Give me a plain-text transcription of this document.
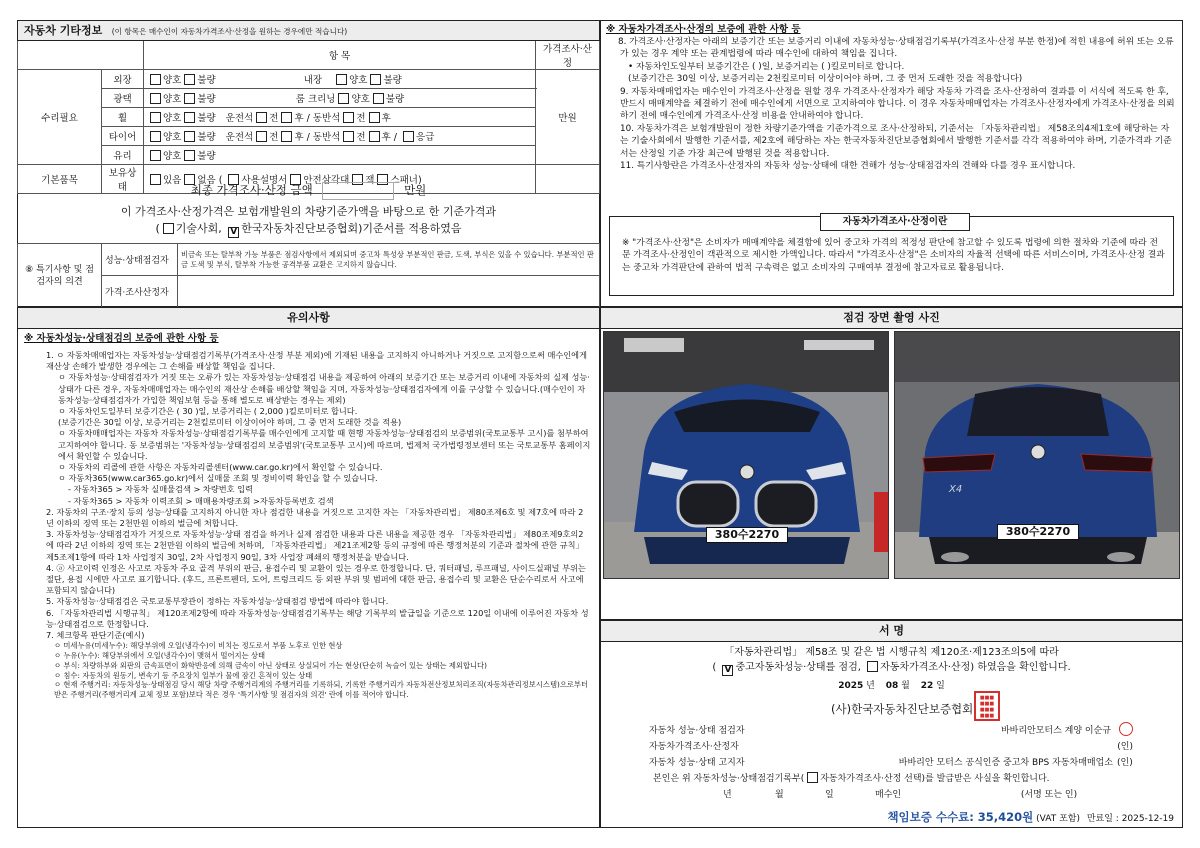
자동차 기타정보 (이 항목은 매수인이 자동차가격조사·산정을 원하는 경우에만 적습니다)
		항 목	가격조사·산정
수리필요	외장	양호 불량 내장 양호 불량	만원
	광택	양호 불량 룸 크리닝 양호 불량	
	휠	양호 불량 운전석 전 후 / 동반석 전 후	
	타이어	양호 불량 운전석 전 후 / 동반석 전 후 / 응급	
	유리	양호 불량	
기본품목	보유상태	있음 없음 ( 사용설명서 안전삼각대 잭 스패너)	
최종 가격조사·산정 금액	만원
이 가격조사·산정가격은 보험개발원의 차량기준가액을 바탕으로 한 기준가격과
( 기술사회, V 한국자동차진단보증협회)기준서를 적용하였음
⑧ 특기사항 및 점검자의 의견	성능·상태점검자	비금속 또는 탈부착 가능 부품은 점검사항에서 제외되며 중고차 특성상 부분적인 판금, 도색, 부식은 있을 수 있습니다. 부분적인 판금 도색 및 부식, 탈부착 가능한 공격부품 교환은 고지하지 않습니다.
	가격·조사산정자	
※ 자동차가격조사·산정의 보증에 관한 사항 등
8. 가격조사·산정자는 아래의 보증기간 또는 보증거리 이내에 자동차성능·상태점검기록부(가격조사·산정 부분 한정)에 적힌 내용에 허위 또는 오류가 있는 경우 계약 또는 관계법령에 따라 매수인에 대하여 책임을 집니다.
• 자동차인도일부터 보증기간은 ( )일, 보증거리는 ( )킬로미터로 합니다.
(보증기간은 30일 이상, 보증거리는 2천킬로미터 이상이어야 하며, 그 중 먼저 도래한 것을 적용합니다)
9. 자동차매매업자는 매수인이 가격조사·산정을 원할 경우 가격조사·산정자가 해당 자동차 가격을 조사·산정하여 결과를 이 서식에 적도록 한 후, 반드시 매매계약을 체결하기 전에 매수인에게 서면으로 고지하여야 합니다. 이 경우 자동차매매업자는 가격조사·산정자에게 가격조사·산정을 의뢰하기 전에 매수인에게 가격조사·산정 비용을 안내하여야 합니다.
10. 자동차가격은 보험개발원이 정한 차량기준가액을 기준가격으로 조사·산정하되, 기준서는 「자동차관리법」 제58조의4제1호에 해당하는 자는 기술사회에서 발행한 기준서를, 제2호에 해당하는 자는 한국자동차진단보증협회에서 발행한 기준서를 각각 적용하여야 하며, 기준가격과 기준서는 산정일 기준 가장 최근에 발행된 것을 적용합니다.
11. 특기사항란은 가격조사·산정자의 자동차 성능·상태에 대한 견해가 성능·상태점검자의 견해와 다를 경우 표시합니다.
자동차가격조사·산정이란
※ "가격조사·산정"은 소비자가 매매계약을 체결함에 있어 중고차 가격의 적정성 판단에 참고할 수 있도록 법령에 의한 절차와 기준에 따라 전문 가격조사·산정인이 객관적으로 제시한 가액입니다. 따라서 "가격조사·산정"은 소비자의 자율적 선택에 따른 서비스이며, 가격조사·산정 결과는 중고차 가격판단에 관하여 법적 구속력은 없고 소비자의 구매여부 결정에 참고자료로 활용됩니다.
유의사항
※ 자동차성능·상태점검의 보증에 관한 사항 등
1. ㅇ 자동차매매업자는 자동차성능·상태점검기록부(가격조사·산정 부분 제외)에 기재된 내용을 고지하지 아니하거나 거짓으로 고지함으로써 매수인에게 재산상 손해가 발생한 경우에는 그 손해를 배상할 책임을 집니다.
ㅇ 자동차성능·상태점검자가 거짓 또는 오류가 있는 자동차성능·상태점검 내용을 제공하여 아래의 보증기간 또는 보증거리 이내에 자동차의 실제 성능·상태가 다른 경우, 자동차매매업자는 매수인의 재산상 손해를 배상할 책임을 지며, 자동차성능·상태점검자에게 이를 구상할 수 있습니다.(매수인이 자동차성능·상태점검자가 가입한 책임보험 등을 통해 별도로 배상받는 경우는 제외)
ㅇ 자동차인도일부터 보증기간은 ( 30 )일, 보증거리는 ( 2,000 )킬로미터로 합니다.
(보증기간은 30일 이상, 보증거리는 2천킬로미터 이상이어야 하며, 그 중 먼저 도래한 것을 적용)
ㅇ 자동차매매업자는 자동차 자동차성능·상태점검기록부를 매수인에게 고지할 때 현행 자동차성능·상태점검의 보증범위(국토교통부 고시)를 첨부하여 고지하여야 합니다. 동 보증범위는 '자동차성능·상태점검의 보증범위'(국토교통부 고시)에 따르며, 법제처 국가법령정보센터 또는 국토교통부 홈페이지에서 확인할 수 있습니다.
ㅇ 자동차의 리콜에 관한 사항은 자동차리콜센터(www.car.go.kr)에서 확인할 수 있습니다.
ㅇ 자동차365(www.car365.go.kr)에서 실매물 조회 및 정비이력 확인을 할 수 있습니다.
- 자동차365 > 자동차 실매물검색 > 차량번호 입력
- 자동차365 > 자동차 이력조회 > 매매용차량조회 >자동차등록번호 검색
2. 자동차의 구조·장치 등의 성능·상태를 고지하지 아니한 자나 점검한 내용을 거짓으로 고지한 자는 「자동차관리법」 제80조제6호 및 제7호에 따라 2년 이하의 징역 또는 2천만원 이하의 벌금에 처합니다.
3. 자동차성능·상태점검자가 거짓으로 자동차성능·상태 점검을 하거나 실제 점검한 내용과 다른 내용을 제공한 경우 「자동차관리법」 제80조제9호의2에 따라 2년 이하의 징역 또는 2천만원 이하의 벌금에 처하며, 「자동차관리법」 제21조제2항 등의 규정에 따른 행정처분의 기준과 절차에 관한 규칙」 제5조제1항에 따라 1차 사업정지 30일, 2차 사업정지 90일, 3차 사업장 폐쇄의 행정처분을 받습니다.
4. ⓐ 사고이력 인정은 사고로 자동차 주요 골격 부위의 판금, 용접수리 및 교환이 있는 경우로 한정합니다. 단, 쿼터패널, 루프패널, 사이드실패널 부위는 절단, 용접 시에만 사고로 표기합니다. (후드, 프론트펜더, 도어, 트렁크리드 등 외판 부위 및 범퍼에 대한 판금, 용접수리 및 교환은 단순수리로서 사고에 포함되지 않습니다)
5. 자동차성능·상태점검은 국토교통부장관이 정하는 자동차성능·상태점검 방법에 따라야 합니다.
6. 「자동차관리법 시행규칙」 제120조제2항에 따라 자동차성능·상태점검기록부는 해당 기록부의 발급일을 기준으로 120일 이내에 이루어진 자동차 성능·상태점검으로 한정합니다.
7. 체크항목 판단기준(예시)
ㅇ 미세누유(미세누수): 해당부위에 오일(냉각수)이 비치는 정도로서 부품 노후로 인한 현상
ㅇ 누유(누수): 해당부위에서 오일(냉각수)이 맺혀서 떨어지는 상태
ㅇ 부식: 차량하부와 외판의 금속표면이 화학반응에 의해 금속이 아닌 상태로 상실되어 가는 현상(단순히 녹슬어 있는 상태는 제외합니다)
ㅇ 침수: 자동차의 원동기, 변속기 등 주요장치 일부가 물에 잠긴 흔적이 있는 상태
ㅇ 현재 주행거리: 자동차성능·상태점검 당시 해당 차량 주행거리계의 주행거리를 기록하되, 기록한 주행거리가 자동차전산정보처리조직(자동차관리정보시스템)으로부터 받은 주행거리(주행거리계 교체 정보 포함)보다 적은 경우 '특기사항 및 점검자의 의견' 란에 이를 적어야 합니다.
점검 장면 촬영 사진
380수2270
X4
380수2270
서 명
「자동차관리법」 제58조 및 같은 법 시행규칙 제120조·제123조의5에 따라
( V 중고자동차성능·상태를 점검, 자동차가격조사·산정) 하였음을 확인합니다.
2025 년 08 월 22 일
(사)한국자동차진단보증협회
■■■
■■■
■■■
■■■
자동차 성능·상태 점검자	바바리안모터스 계양 이순규
자동차가격조사·산정자	(인)
자동차 성능·상태 고지자	바바리안 모터스 공식인증 중고차 BPS 자동차매매업소 (인)
본인은 위 자동차성능·상태점검기록부( 자동차가격조사·산정 선택)를 발급받은 사실을 확인합니다.
년	월	일	매수인	(서명 또는 인)
책임보증 수수료: 35,420원 (VAT 포함) 만료일 : 2025-12-19
